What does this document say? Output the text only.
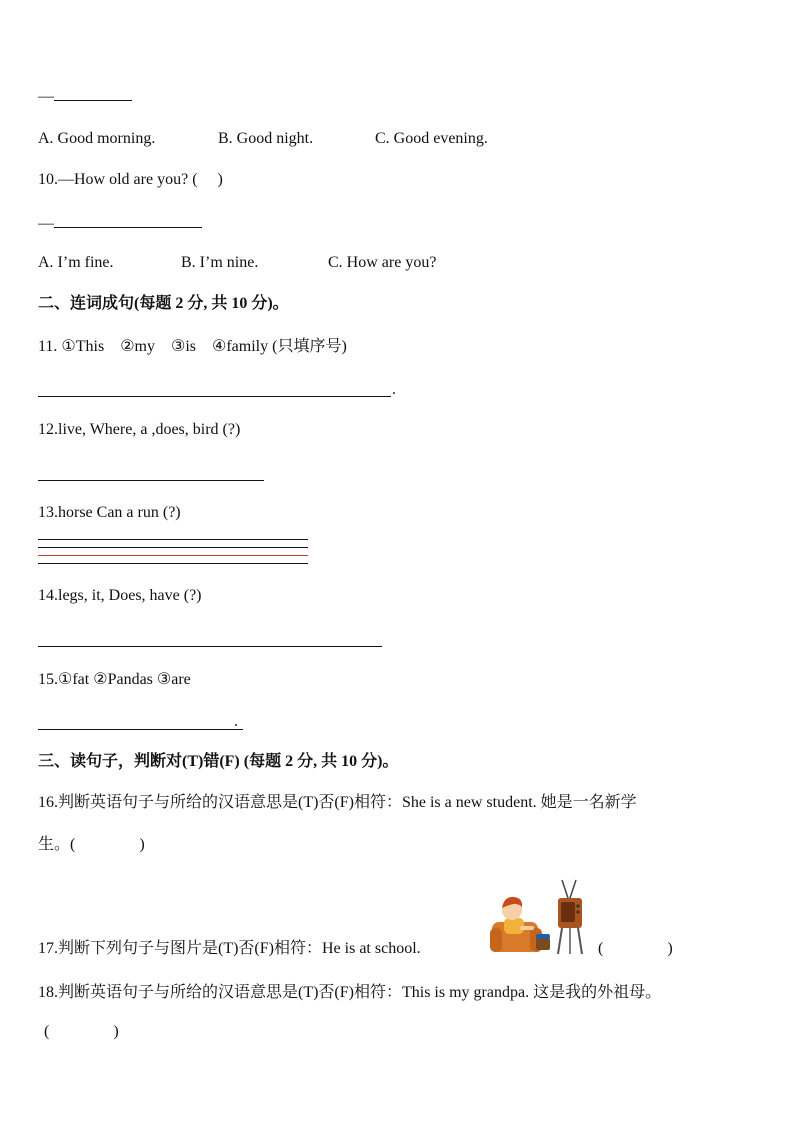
—
A. Good morning.	B. Good night.	C. Good evening.
10.—How old are you? (　 )
—
A. I’m fine.	B. I’m nine.	C. How are you?
二、连词成句(每题 2 分, 共 10 分)。
11. ①This　②my　③is　④family (只填序号)
.
12.live, Where, a ,does, bird (?)
13.horse Can a run (?)
14.legs, it, Does, have (?)
15.①fat ②Pandas ③are
.
三、读句子，判断对(T)错(F) (每题 2 分, 共 10 分)。
16.判断英语句子与所给的汉语意思是(T)否(F)相符：She is a new student. 她是一名新学
生。(　　　　)
17.判断下列句子与图片是(T)否(F)相符：He is at school.	(　　　　)
18.判断英语句子与所给的汉语意思是(T)否(F)相符：This is my grandpa. 这是我的外祖母。
(　　　　)
